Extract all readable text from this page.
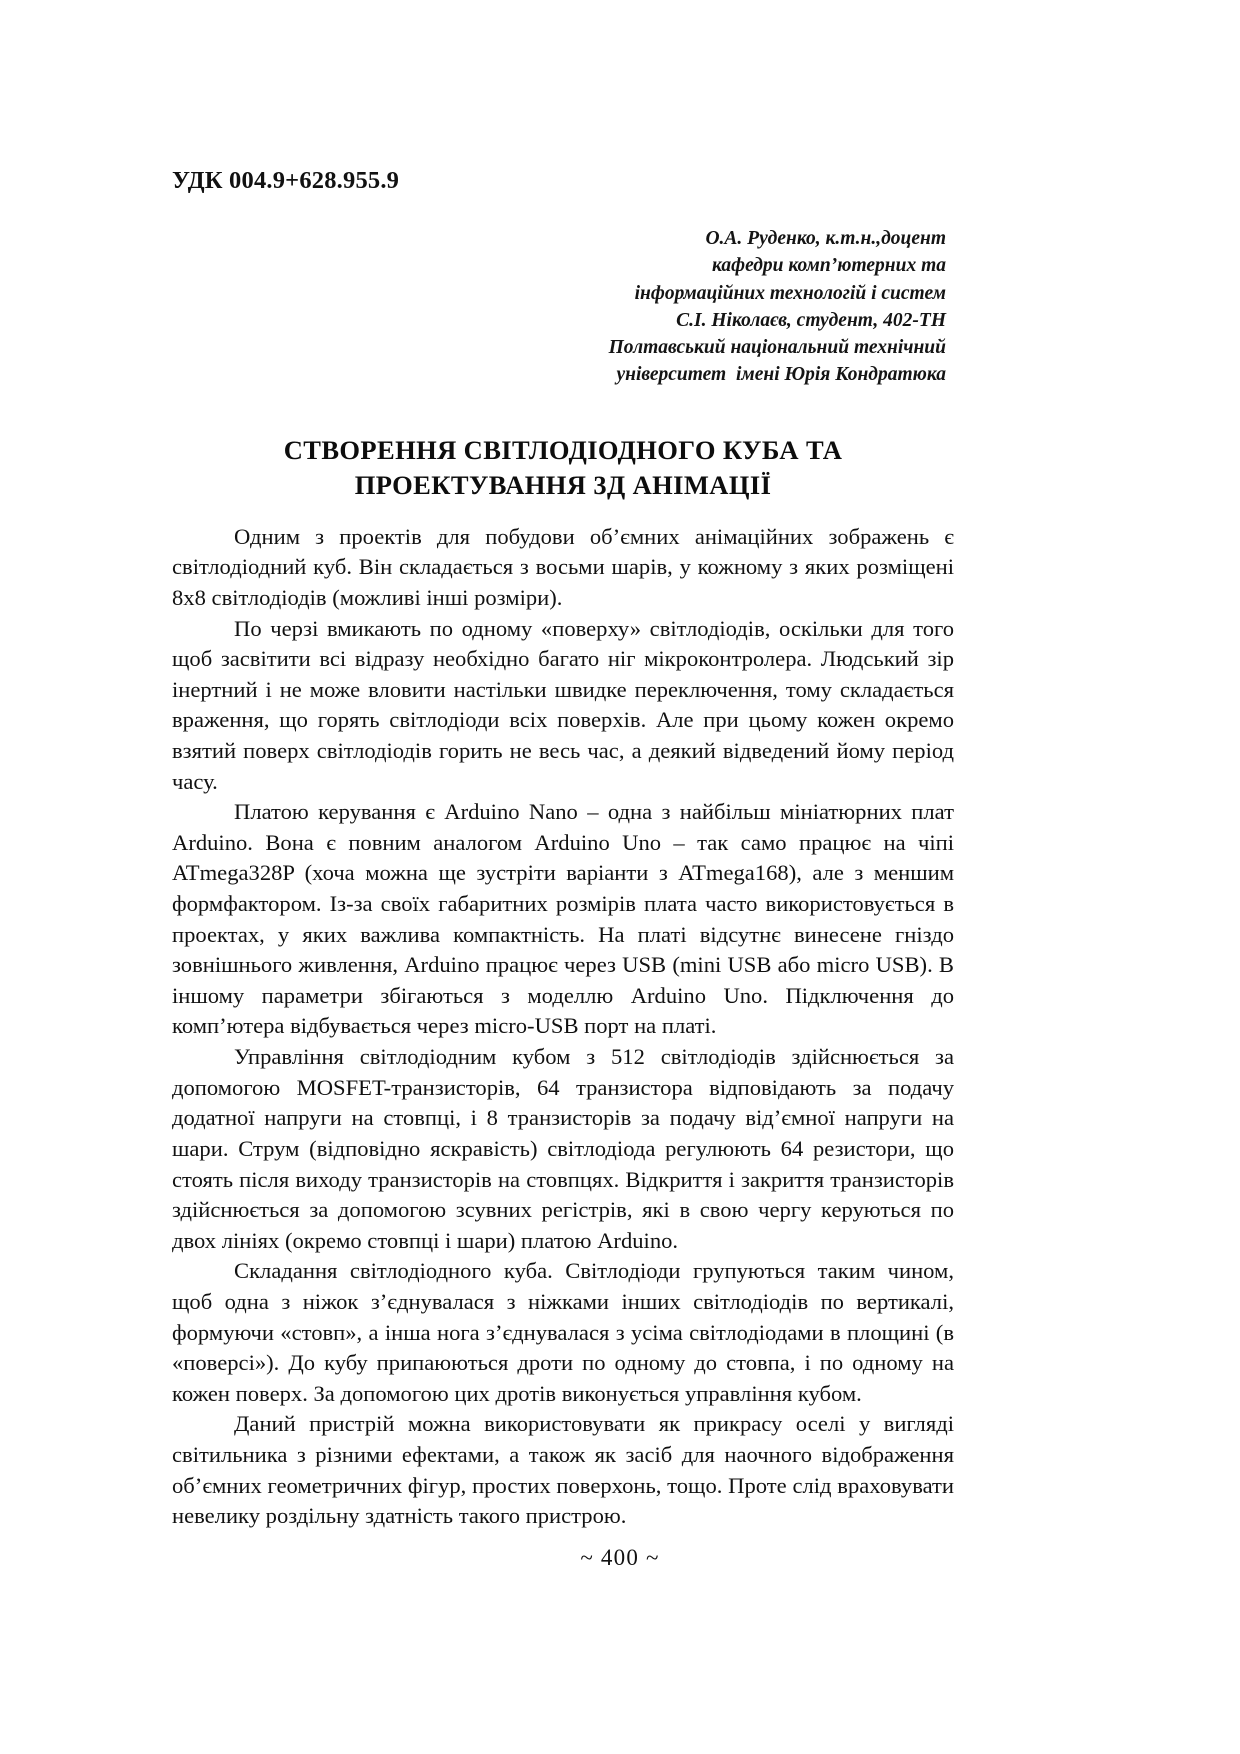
УДК 004.9+628.955.9
О.А. Руденко, к.т.н.,доцент
кафедри комп’ютерних та
інформаційних технологій і систем
С.І. Ніколаєв, студент, 402-ТН
Полтавський національний технічний
університет  імені Юрія Кондратюка
СТВОРЕННЯ СВІТЛОДІОДНОГО КУБА ТА
ПРОЕКТУВАННЯ 3Д АНІМАЦІЇ

Одним з проектів для побудови об’ємних анімаційних зображень є світлодіодний куб. Він складається з восьми шарів, у кожному з яких розміщені 8х8 світлодіодів (можливі інші розміри).

По черзі вмикають по одному «поверху» світлодіодів, оскільки для того щоб засвітити всі відразу необхідно багато ніг мікроконтролера. Людський зір інертний і не може вловити настільки швидке переключення, тому складається враження, що горять світлодіоди всіх поверхів. Але при цьому кожен окремо взятий поверх світлодіодів горить не весь час, а деякий відведений йому період часу.

Платою керування є Arduino Nano – одна з найбільш мініатюрних плат Arduino. Вона є повним аналогом Arduino Uno – так само працює на чіпі ATmega328P (хоча можна ще зустріти варіанти з ATmega168), але з меншим формфактором. Із-за своїх габаритних розмірів плата часто використовується в проектах, у яких важлива компактність. На платі відсутнє винесене гніздо зовнішнього живлення, Arduino працює через USB (mini USB або micro USB). В іншому параметри збігаються з моделлю Arduino Uno. Підключення до комп’ютера відбувається через micro-USB порт на платі.

Управління світлодіодним кубом з 512 світлодіодів здійснюється за допомогою MOSFET-транзисторів, 64 транзистора відповідають за подачу додатної напруги на стовпці, і 8 транзисторів за подачу від’ємної напруги на шари. Струм (відповідно яскравість) світлодіода регулюють 64 резистори, що стоять після виходу транзисторів на стовпцях. Відкриття і закриття транзисторів здійснюється за допомогою зсувних регістрів, які в свою чергу керуються по двох лініях (окремо стовпці і шари) платою Arduino.

Складання світлодіодного куба. Світлодіоди групуються таким чином, щоб одна з ніжок з’єднувалася з ніжками інших світлодіодів по вертикалі, формуючи «стовп», а інша нога з’єднувалася з усіма світлодіодами в площині (в «поверсі»). До кубу припаюються дроти по одному до стовпа, і по одному на кожен поверх. За допомогою цих дротів виконується управління кубом.

Даний пристрій можна використовувати як прикрасу оселі у вигляді світильника з різними ефектами, а також як засіб для наочного відображення об’ємних геометричних фігур, простих поверхонь, тощо. Проте слід враховувати невелику роздільну здатність такого пристрою.

~ 400 ~
